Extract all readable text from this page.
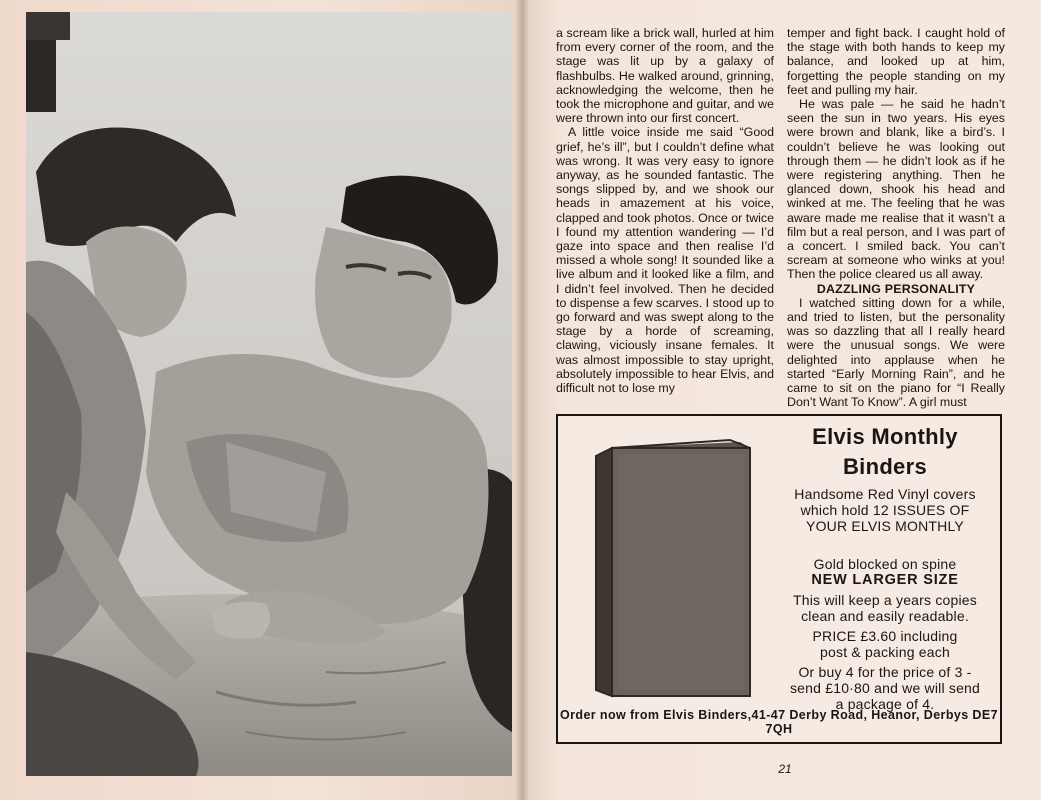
a scream like a brick wall, hurled at him from every corner of the room, and the stage was lit up by a galaxy of flashbulbs. He walked around, grinning, acknowledging the welcome, then he took the microphone and guitar, and we were thrown into our first concert.

A little voice inside me said “Good grief, he’s ill”, but I couldn’t define what was wrong. It was very easy to ignore anyway, as he sounded fantastic. The songs slipped by, and we shook our heads in amazement at his voice, clapped and took photos. Once or twice I found my attention wandering — I’d gaze into space and then realise I’d missed a whole song! It sounded like a live album and it looked like a film, and I didn’t feel involved. Then he decided to dispense a few scarves. I stood up to go forward and was swept along to the stage by a horde of screaming, clawing, viciously insane females. It was almost impossible to stay upright, absolutely impossible to hear Elvis, and difficult not to lose my

temper and fight back. I caught hold of the stage with both hands to keep my balance, and looked up at him, forgetting the people standing on my feet and pulling my hair.

He was pale — he said he hadn’t seen the sun in two years. His eyes were brown and blank, like a bird’s. I couldn’t believe he was looking out through them — he didn’t look as if he were registering anything. Then he glanced down, shook his head and winked at me. The feeling that he was aware made me realise that it wasn’t a film but a real person, and I was part of a concert. I smiled back. You can’t scream at someone who winks at you! Then the police cleared us all away.

DAZZLING PERSONALITY

I watched sitting down for a while, and tried to listen, but the personality was so dazzling that all I really heard were the unusual songs. We were delighted into applause when he started “Early Morning Rain”, and he came to sit on the piano for “I Really Don’t Want To Know”. A girl must

Elvis Monthly

Binders

Handsome Red Vinyl covers

which hold 12 ISSUES OF

YOUR ELVIS MONTHLY

Gold blocked on spine

NEW LARGER SIZE

This will keep a years copies

clean and easily readable.

PRICE £3.60 including

post & packing each

Or buy 4 for the price of 3 -

send £10·80 and we will send

a package of 4.

Order now from Elvis Binders,41-47 Derby Road, Heanor, Derbys DE7 7QH
21
